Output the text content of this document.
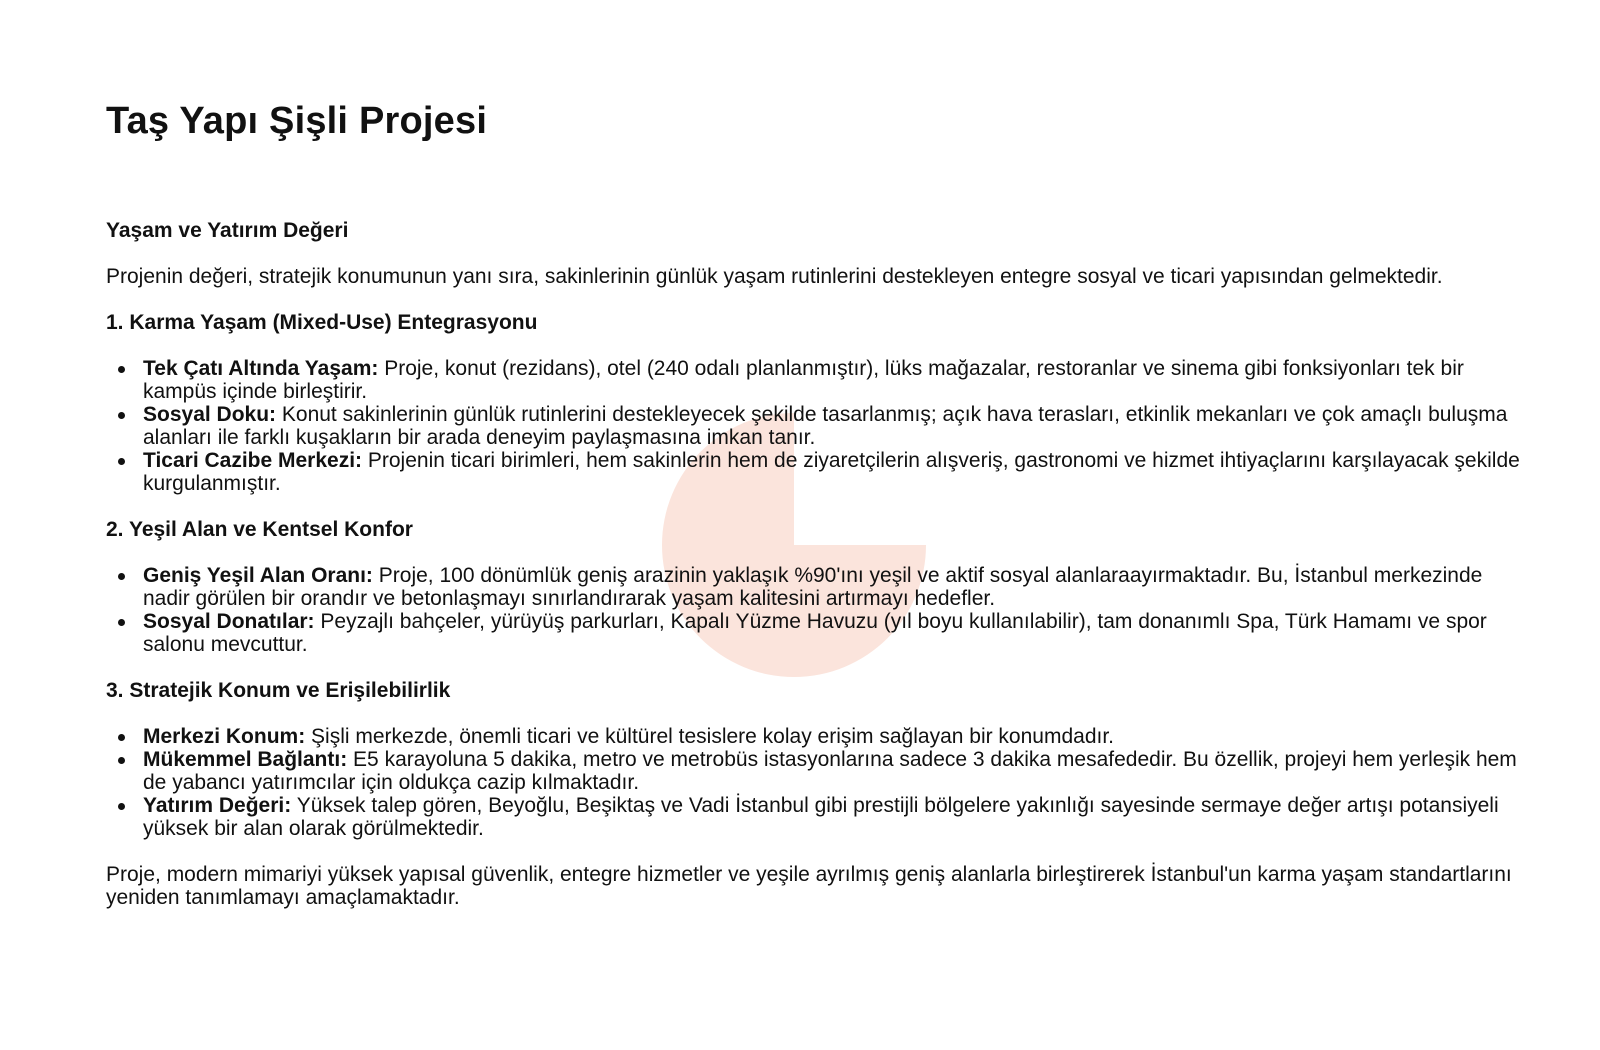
Taş Yapı Şişli Projesi
Yaşam ve Yatırım Değeri

Projenin değeri, stratejik konumunun yanı sıra, sakinlerinin günlük yaşam rutinlerini destekleyen entegre sosyal ve ticari yapısından gelmektedir.

1. Karma Yaşam (Mixed-Use) Entegrasyonu
Tek Çatı Altında Yaşam: Proje, konut (rezidans), otel (240 odalı planlanmıştır), lüks mağazalar, restoranlar ve sinema gibi fonksiyonları tek bir kampüs içinde birleştirir.
Sosyal Doku: Konut sakinlerinin günlük rutinlerini destekleyecek şekilde tasarlanmış; açık hava terasları, etkinlik mekanları ve çok amaçlı buluşma alanları ile farklı kuşakların bir arada deneyim paylaşmasına imkan tanır.
Ticari Cazibe Merkezi: Projenin ticari birimleri, hem sakinlerin hem de ziyaretçilerin alışveriş, gastronomi ve hizmet ihtiyaçlarını karşılayacak şekilde kurgulanmıştır.
2. Yeşil Alan ve Kentsel Konfor
Geniş Yeşil Alan Oranı: Proje, 100 dönümlük geniş arazinin yaklaşık %90'ını yeşil ve aktif sosyal alanlaraayırmaktadır. Bu, İstanbul merkezinde nadir görülen bir orandır ve betonlaşmayı sınırlandırarak yaşam kalitesini artırmayı hedefler.
Sosyal Donatılar: Peyzajlı bahçeler, yürüyüş parkurları, Kapalı Yüzme Havuzu (yıl boyu kullanılabilir), tam donanımlı Spa, Türk Hamamı ve spor salonu mevcuttur.
3. Stratejik Konum ve Erişilebilirlik
Merkezi Konum: Şişli merkezde, önemli ticari ve kültürel tesislere kolay erişim sağlayan bir konumdadır.
Mükemmel Bağlantı: E5 karayoluna 5 dakika, metro ve metrobüs istasyonlarına sadece 3 dakika mesafededir. Bu özellik, projeyi hem yerleşik hem de yabancı yatırımcılar için oldukça cazip kılmaktadır.
Yatırım Değeri: Yüksek talep gören, Beyoğlu, Beşiktaş ve Vadi İstanbul gibi prestijli bölgelere yakınlığı sayesinde sermaye değer artışı potansiyeli yüksek bir alan olarak görülmektedir.

Proje, modern mimariyi yüksek yapısal güvenlik, entegre hizmetler ve yeşile ayrılmış geniş alanlarla birleştirerek İstanbul'un karma yaşam standartlarını yeniden tanımlamayı amaçlamaktadır.
